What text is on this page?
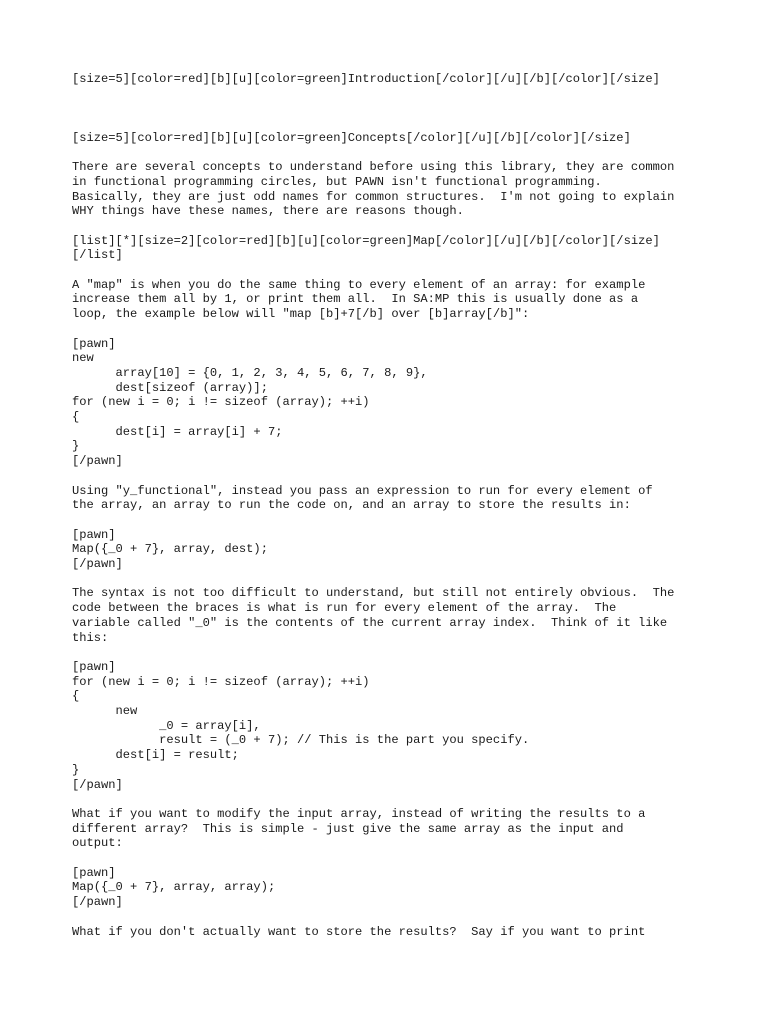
[size=5][color=red][b][u][color=green]Introduction[/color][/u][/b][/color][/size]

[size=5][color=red][b][u][color=green]Concepts[/color][/u][/b][/color][/size]

There are several concepts to understand before using this library, they are common
in functional programming circles, but PAWN isn't functional programming.
Basically, they are just odd names for common structures.  I'm not going to explain
WHY things have these names, there are reasons though.

[list][*][size=2][color=red][b][u][color=green]Map[/color][/u][/b][/color][/size]
[/list]

A "map" is when you do the same thing to every element of an array: for example
increase them all by 1, or print them all.  In SA:MP this is usually done as a
loop, the example below will "map [b]+7[/b] over [b]array[/b]":

[pawn]
new
array[10] = {0, 1, 2, 3, 4, 5, 6, 7, 8, 9},
dest[sizeof (array)];
for (new i = 0; i != sizeof (array); ++i)
{
dest[i] = array[i] + 7;
}
[/pawn]

Using "y_functional", instead you pass an expression to run for every element of
the array, an array to run the code on, and an array to store the results in:

[pawn]
Map({_0 + 7}, array, dest);
[/pawn]

The syntax is not too difficult to understand, but still not entirely obvious.  The
code between the braces is what is run for every element of the array.  The
variable called "_0" is the contents of the current array index.  Think of it like
this:

[pawn]
for (new i = 0; i != sizeof (array); ++i)
{
new
_0 = array[i],
result = (_0 + 7); // This is the part you specify.
dest[i] = result;
}
[/pawn]

What if you want to modify the input array, instead of writing the results to a
different array?  This is simple - just give the same array as the input and
output:

[pawn]
Map({_0 + 7}, array, array);
[/pawn]

What if you don't actually want to store the results?  Say if you want to print
